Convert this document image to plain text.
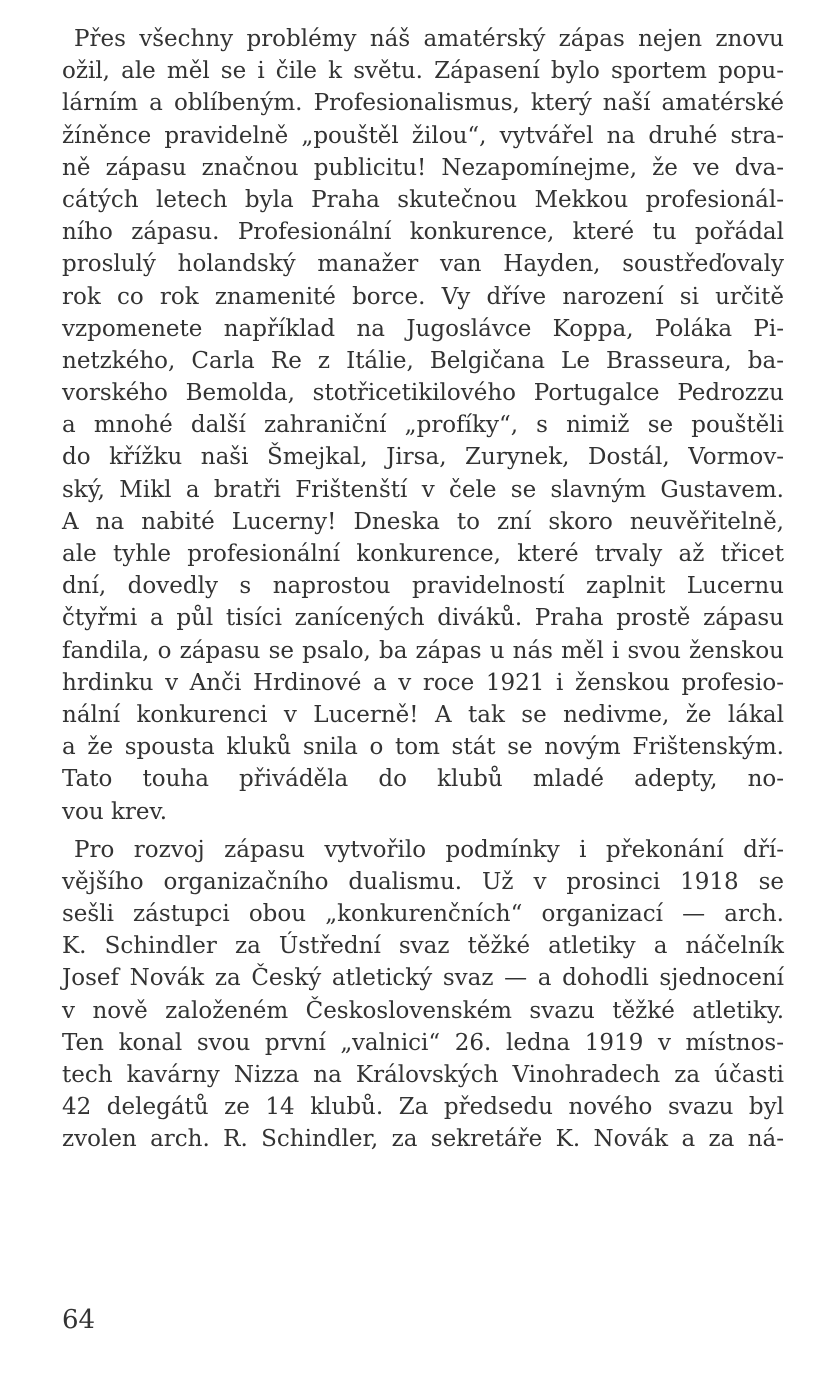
Přes všechny problémy náš amatérský zápas nejen znovu
ožil, ale měl se i čile k světu. Zápasení bylo sportem popu-
lárním a oblíbeným. Profesionalismus, který naší amatérské
žíněnce pravidelně „pouštěl žilou“, vytvářel na druhé stra-
ně zápasu značnou publicitu! Nezapomínejme, že ve dva-
cátých letech byla Praha skutečnou Mekkou profesionál-
ního zápasu. Profesionální konkurence, které tu pořádal
proslulý holandský manažer van Hayden, soustřeďovaly
rok co rok znamenité borce. Vy dříve narození si určitě
vzpomenete například na Jugoslávce Koppa, Poláka Pi-
netzkého, Carla Re z Itálie, Belgičana Le Brasseura, ba-
vorského Bemolda, stotřicetikilového Portugalce Pedrozzu
a mnohé další zahraniční „profíky“, s nimiž se pouštěli
do křížku naši Šmejkal, Jirsa, Zurynek, Dostál, Vormov-
ský, Mikl a bratři Frištenští v čele se slavným Gustavem.
A na nabité Lucerny! Dneska to zní skoro neuvěřitelně,
ale tyhle profesionální konkurence, které trvaly až třicet
dní, dovedly s naprostou pravidelností zaplnit Lucernu
čtyřmi a půl tisíci zanícených diváků. Praha prostě zápasu
fandila, o zápasu se psalo, ba zápas u nás měl i svou ženskou
hrdinku v Anči Hrdinové a v roce 1921 i ženskou profesio-
nální konkurenci v Lucerně! A tak se nedivme, že lákal
a že spousta kluků snila o tom stát se novým Frištenským.
Tato touha přiváděla do klubů mladé adepty, no-
vou krev.
Pro rozvoj zápasu vytvořilo podmínky i překonání dří-
vějšího organizačního dualismu. Už v prosinci 1918 se
sešli zástupci obou „konkurenčních“ organizací — arch.
K. Schindler za Ústřední svaz těžké atletiky a náčelník
Josef Novák za Český atletický svaz — a dohodli sjednocení
v nově založeném Československém svazu těžké atletiky.
Ten konal svou první „valnici“ 26. ledna 1919 v místnos-
tech kavárny Nizza na Královských Vinohradech za účasti
42 delegátů ze 14 klubů. Za předsedu nového svazu byl
zvolen arch. R. Schindler, za sekretáře K. Novák a za ná-
64
